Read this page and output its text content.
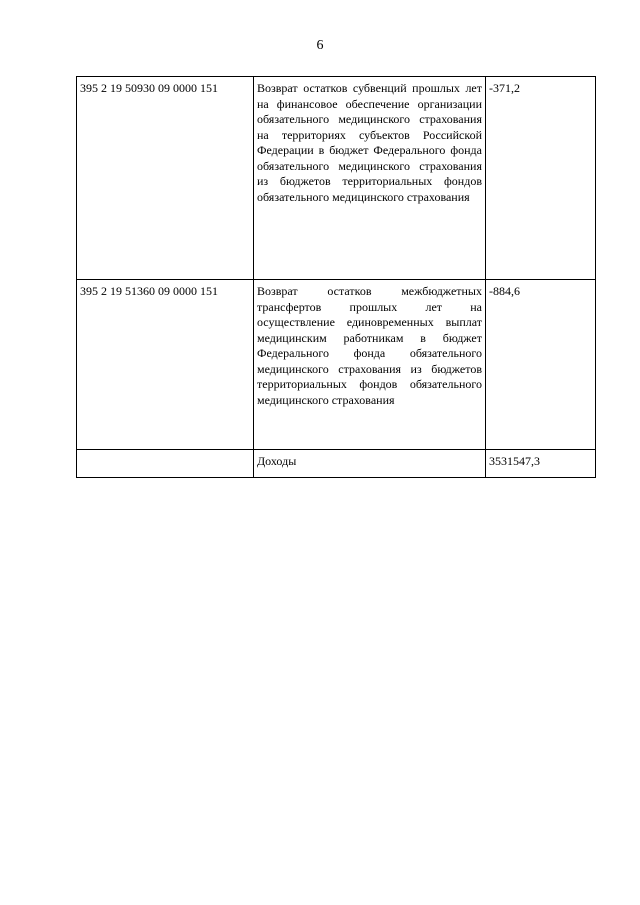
6
395 2 19 50930 09 0000 151	Возврат остатков субвенций прошлых лет на финансовое обеспечение организации обязательного медицинского страхования на территориях субъектов Российской Федерации в бюджет Федерального фонда обязательного медицинского страхования из бюджетов территориальных фондов обязательного медицинского страхования	-371,2
395 2 19 51360 09 0000 151	Возврат остатков межбюджетных трансфертов прошлых лет на осуществление единовременных выплат медицинским работникам в бюджет Федерального фонда обязательного медицинского страхования из бюджетов территориальных фондов обязательного медицинского страхования	-884,6
	Доходы	3531547,3
